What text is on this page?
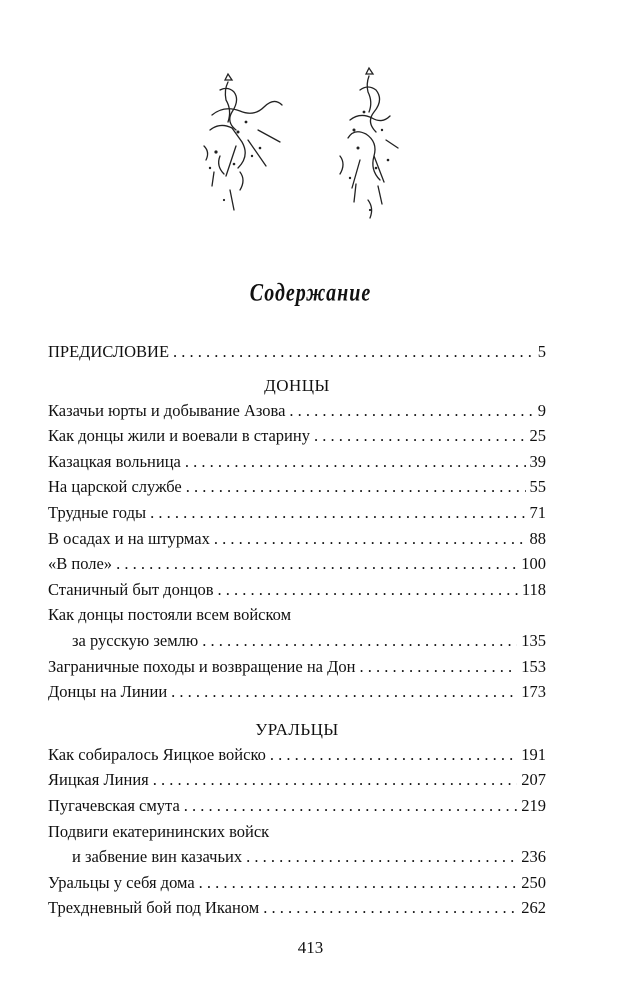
Содержание
ПРЕДИСЛОВИЕ . . .	5
ДОНЦЫ
Казачьи юрты и добывание Азова . . .	9
Как донцы жили и воевали в старину . . .	25
Казацкая вольница . . .	39
На царской службе . . .	55
Трудные годы . . .	71
В осадах и на штурмах . . .	88
«В поле» . . .	100
Станичный быт донцов . . .	118
Как донцы постояли всем войском
за русскую землю . . .	135
Заграничные походы и возвращение на Дон . . .	153
Донцы на Линии . . .	173
УРАЛЬЦЫ
Как собиралось Яицкое войско . . .	191
Яицкая Линия . . .	207
Пугачевская смута . . .	219
Подвиги екатерининских войск
и забвение вин казачьих . . .	236
Уральцы у себя дома . . .	250
Трехдневный бой под Иканом . . .	262
413
